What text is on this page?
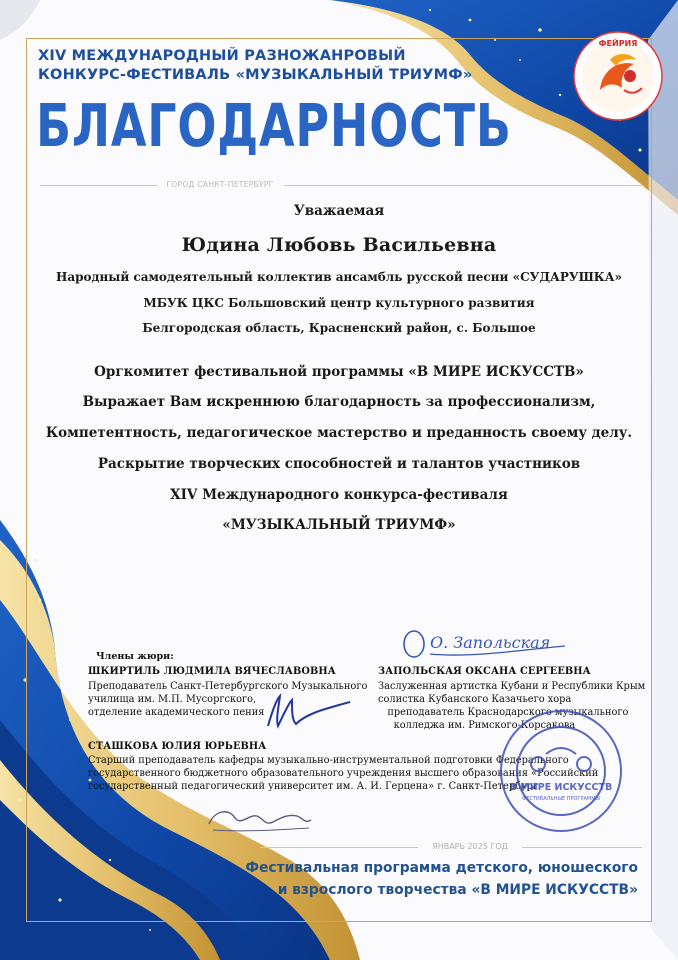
XIV МЕЖДУНАРОДНЫЙ РАЗНОЖАНРОВЫЙ
КОНКУРС-ФЕСТИВАЛЬ «МУЗЫКАЛЬНЫЙ ТРИУМФ»
БЛАГОДАРНОСТЬ
ГОРОД САНКТ-ПЕТЕРБУРГ
ФЕЙРИЯ
Уважаемая
Юдина Любовь Васильевна
Народный самодеятельный коллектив ансамбль русской песни «СУДАРУШКА»
МБУК ЦКС Большовский центр культурного развития
Белгородская область, Красненский район, с. Большое
Оргкомитет фестивальной программы «В МИРЕ ИСКУССТВ»
Выражает Вам искреннюю благодарность за профессионализм,
Компетентность, педагогическое мастерство и преданность своему делу.
Раскрытие творческих способностей и талантов участников
XIV Международного конкурса-фестиваля
«МУЗЫКАЛЬНЫЙ ТРИУМФ»
О. Запольская
Члены жюри:
ШКИРТИЛЬ ЛЮДМИЛА ВЯЧЕСЛАВОВНА
Преподаватель Санкт-Петербургского Музыкального
училища им. М.П. Мусоргского,
отделение академического пения
ЗАПОЛЬСКАЯ ОКСАНА СЕРГЕЕВНА
Заслуженная артистка Кубани и Республики Крым
солистка Кубанского Казачьего хора
преподаватель Краснодарского музыкального
колледжа им. Римского-Корсакова
СТАШКОВА ЮЛИЯ ЮРЬЕВНА
Старший преподаватель кафедры музыкально-инструментальной подготовки Федерального
государственного бюджетного образовательного учреждения высшего образования «Российский
государственный педагогический университет им. А. И. Герцена» г. Санкт-Петербург
В МИРЕ ИСКУССТВ
ФЕСТИВАЛЬНЫЕ ПРОГРАММЫ
ЯНВАРЬ 2025 ГОД
Фестивальная программа детского, юношеского
и взрослого творчества «В МИРЕ ИСКУССТВ»
